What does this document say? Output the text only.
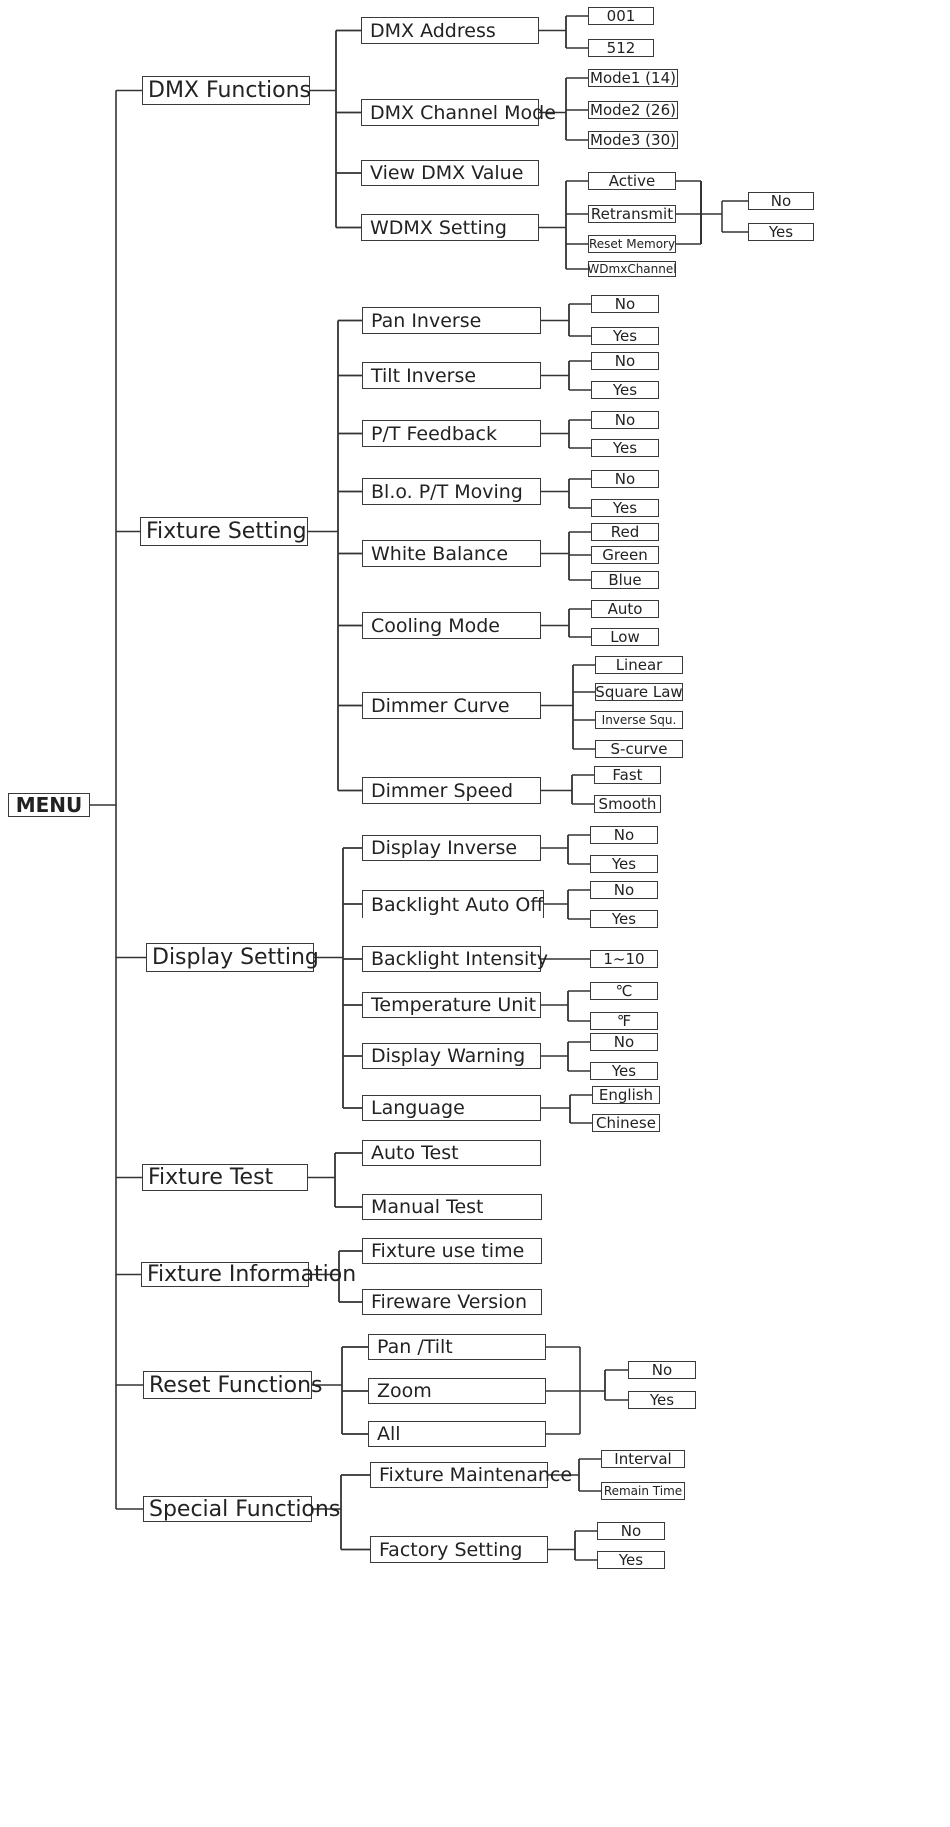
MENU
DMX Functions
DMX Address
001
512
DMX Channel Mode
Mode1 (14)
Mode2 (26)
Mode3 (30)
View DMX Value
WDMX Setting
Active
Retransmit
Reset Memory
WDmxChannel
Fixture Setting
Pan Inverse
No
Yes
Tilt Inverse
No
Yes
P/T Feedback
No
Yes
Bl.o. P/T Moving
No
Yes
White Balance
Red
Green
Blue
Cooling Mode
Auto
Low
Dimmer Curve
Linear
Square Law
Inverse Squ.
S-curve
Dimmer Speed
Fast
Smooth
Display Setting
Display Inverse
No
Yes
Backlight Auto Off
No
Yes
Backlight Intensity	1~10
Temperature Unit
℃
℉
Display Warning
No
Yes
Language
English
Chinese
Fixture Test
Auto Test
Manual Test
Fixture Information
Fixture use time
Fireware Version
Reset Functions
Pan /Tilt
Zoom
All
Special Functions
Fixture Maintenance
Interval
Remain Time
Factory Setting
No
Yes
No
Yes
No
Yes
